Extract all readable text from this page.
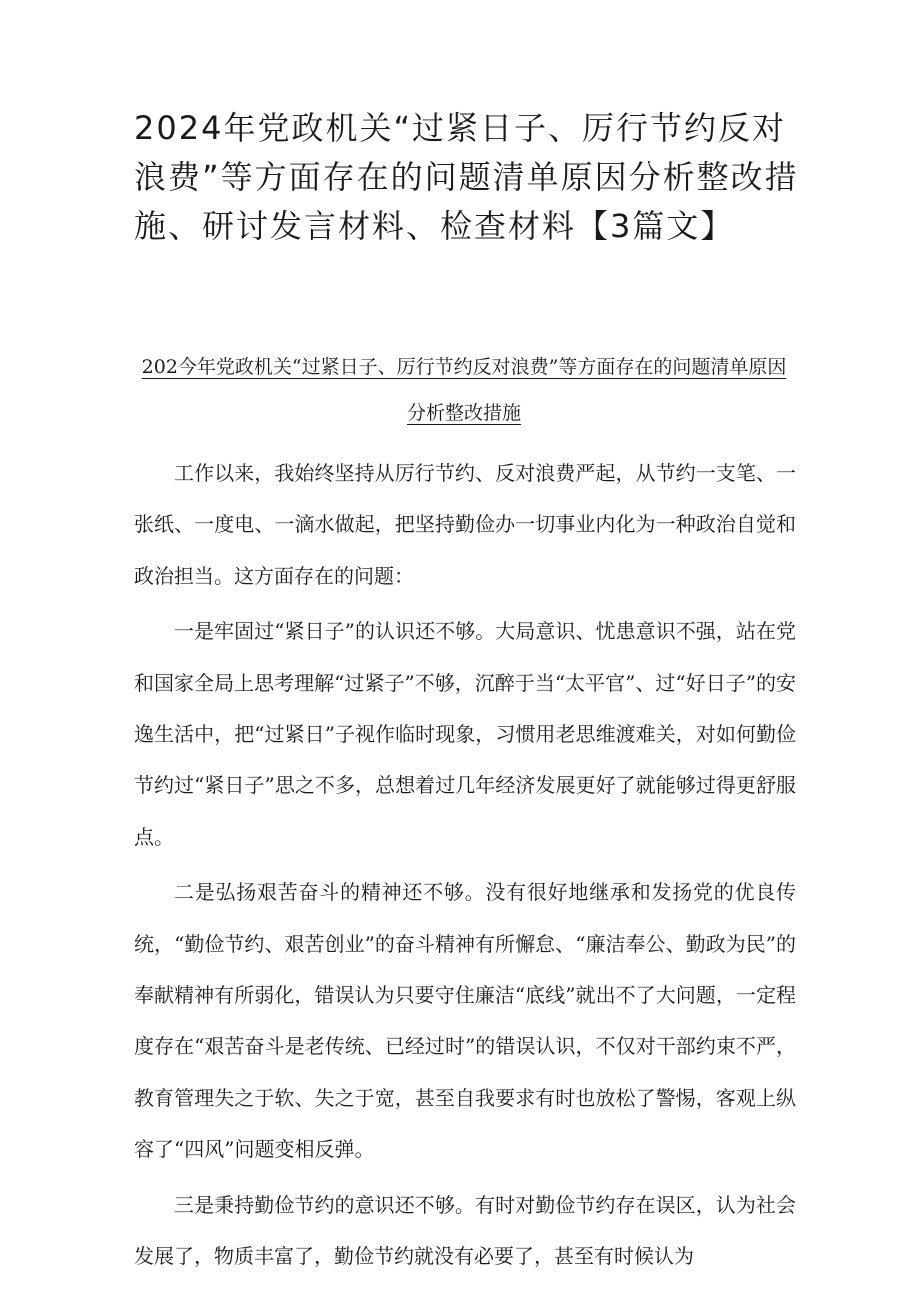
2024年党政机关“过紧日子、厉行节约反对浪费”等方面存在的问题清单原因分析整改措施、研讨发言材料、检查材料【3篇文】
202今年党政机关“过紧日子、厉行节约反对浪费”等方面存在的问题清单原因分析整改措施

工作以来，我始终坚持从厉行节约、反对浪费严起，从节约一支笔、一张纸、一度电、一滴水做起，把坚持勤俭办一切事业内化为一种政治自觉和政治担当。这方面存在的问题：

一是牢固过“紧日子”的认识还不够。大局意识、忧患意识不强，站在党和国家全局上思考理解“过紧子”不够，沉醉于当“太平官”、过“好日子”的安逸生活中，把“过紧日”子视作临时现象，习惯用老思维渡难关，对如何勤俭节约过“紧日子”思之不多，总想着过几年经济发展更好了就能够过得更舒服点。

二是弘扬艰苦奋斗的精神还不够。没有很好地继承和发扬党的优良传统，“勤俭节约、艰苦创业”的奋斗精神有所懈怠、“廉洁奉公、勤政为民”的奉献精神有所弱化，错误认为只要守住廉洁“底线”就出不了大问题，一定程度存在“艰苦奋斗是老传统、已经过时”的错误认识，不仅对干部约束不严，教育管理失之于软、失之于宽，甚至自我要求有时也放松了警惕，客观上纵容了“四风”问题变相反弹。

三是秉持勤俭节约的意识还不够。有时对勤俭节约存在误区，认为社会发展了，物质丰富了，勤俭节约就没有必要了，甚至有时候认为
